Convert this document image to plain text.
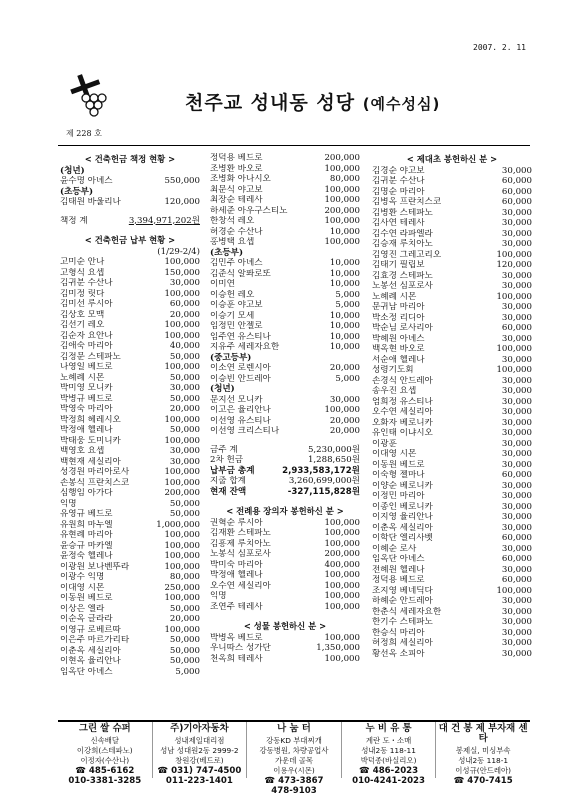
2007. 2. 11
제 228 호
천주교 성내동 성당 (예수성심)
< 건축헌금 책정 현황 >
(청년)
윤수명 아녜스	550,000
(초등부)
김태원 바울리나	120,000
책정 계	3,394,971,202원
< 건축헌금 납부 현황 >
(1/29-2/4)
고미순 안나	100,000
고형식 요셉	150,000
김귀분 수산나	30,000
김미정 릿다	100,000
김미선 루시아	60,000
김상호 모맥	20,000
김선기 레오	100,000
김순자 요안나	100,000
김애숙 마리아	40,000
김정문 스테파노	50,000
나영일 베드로	100,000
노혜례 시몬	50,000
박미영 모니카	30,000
박병규 베드로	50,000
박영숙 마리아	20,000
박정희 헤레시오	100,000
박정애 헬레나	50,000
박태웅 도미니카	100,000
백영호 요셉	30,000
백현재 세실리아	30,000
성경원 마리아로사	100,000
손봉식 프란치스코	100,000
심행임 아가다	200,000
익명	50,000
유영규 베드로	50,000
유원희 마누엘	1,000,000
유현례 마리아	100,000
윤승규 마카엘	100,000
윤정숙 헬레나	100,000
이광원 보나벤뚜라	100,000
이광수 익명	80,000
이대영 시몬	250,000
이동원 베드로	100,000
이상은 엘라	50,000
이순옥 글라라	20,000
이영규 로베르따	100,000
이은주 마르가리타	50,000
이춘옥 세실리아	50,000
이현옥 율리안나	50,000
임옥단 아녜스	5,000
정덕용 베드로	200,000
조병환 바오로	100,000
조병화 아나시오	80,000
최문식 야고보	100,000
최장순 테레사	100,000
하세준 아우구스티노	200,000
한창석 레오	100,000
허경순 수산나	10,000
홍병택 요셉	100,000
(초등부)
김민주 아녜스	10,000
김준식 알퐈로또	10,000
이미연	10,000
이승헌 레오	5,000
이승훈 야고보	5,000
이승기 모세	10,000
임정민 안젤로	10,000
임주연 유스티나	10,000
지유주 세레자요한	10,000
(중고등부)
이소연 로렌시아	20,000
이승빈 안드레아	5,000
(청년)
문지선 모니카	30,000
이고은 율리안나	100,000
이선영 유스티나	20,000
이선영 크리스티나	20,000
금주 계	5,230,000원
2차 헌금	1,288,650원
납부금 총계	2,933,583,172원
지출 합계	3,260,699,000원
현재 잔액	-327,115,828원
< 전례용 장의자 봉헌하신 분 >
권혁순 루시아	100,000
김재환 스테파노	100,000
김흥제 루치아노	100,000
노봉식 심포로사	200,000
박미숙 마리아	400,000
박정애 헬레나	100,000
오수연 세실리아	100,000
익명	100,000
조연주 테레사	100,000
< 성물 봉헌하신 분 >
박병옥 베드로	100,000
우니따스 성가단	1,350,000
천옥희 테레사	100,000
< 제대초 봉헌하신 분 >
김경순 야고보	30,000
김귀분 수산나	60,000
김명순 마리아	60,000
김병옥 프란치스코	60,000
김병환 스테파노	30,000
김사연 테레사	30,000
김수연 라파엘라	30,000
김승재 루치아노	30,000
김영진 그레고리오	100,000
김태기 필립보	120,000
김효경 스테파노	30,000
노봉선 심포로사	30,000
노혜례 시몬	100,000
문귀남 마리아	30,000
박소정 리디아	30,000
박순님 로사리아	60,000
박혜원 아녜스	30,000
백옥현 바오로	100,000
서순애 헬레나	30,000
성령기도회	100,000
손경식 안드레아	30,000
송우진 요셉	30,000
엄희정 유스티나	30,000
오수연 세실리아	30,000
오화자 베로니카	30,000
유인태 이냐시오	30,000
이광훈	30,000
이대영 시몬	30,000
이동원 베드로	30,000
이숙형 젤마나	60,000
이양순 베로니카	30,000
이정민 마리아	30,000
이종인 베로니카	30,000
이지영 율리안나	30,000
이춘옥 세실리아	30,000
이학단 엘리사벳	60,000
이혜순 로사	30,000
임옥단 아녜스	60,000
전혜원 헬레나	30,000
정덕용 베드로	60,000
조지영 베네딕다	100,000
하혜순 안드레아	30,000
한춘식 세레자요한	30,000
한기수 스테파노	30,000
한승식 마리아	30,000
허정희 세실리아	30,000
황선옥 소피아	30,000
그린 쌀 슈퍼
신속배달
이강희(스테파노)
이정자(수산나)
☎ 485-6162
010-3381-3285
주)기아자동차
성내제일대리점
성남 성대원2동 2999-2
창원강(베드로)
☎ 031) 747-4500
011-223-1401
나 눔 터
강동KD 부대찌개
강동병원, 차량공업사
가운데 골목
이용우(시몬)
☎ 473-3867
478-9103
누 비 유 통
계란 도・소매
성내2동 118-11
박덕종(바실리오)
☎ 486-2023
010-4241-2023
대 건 봉 제 부자재 센타
봉제실, 미싱부속
성내2동 118-1
이성규(안드레아)
☎ 470-7415
